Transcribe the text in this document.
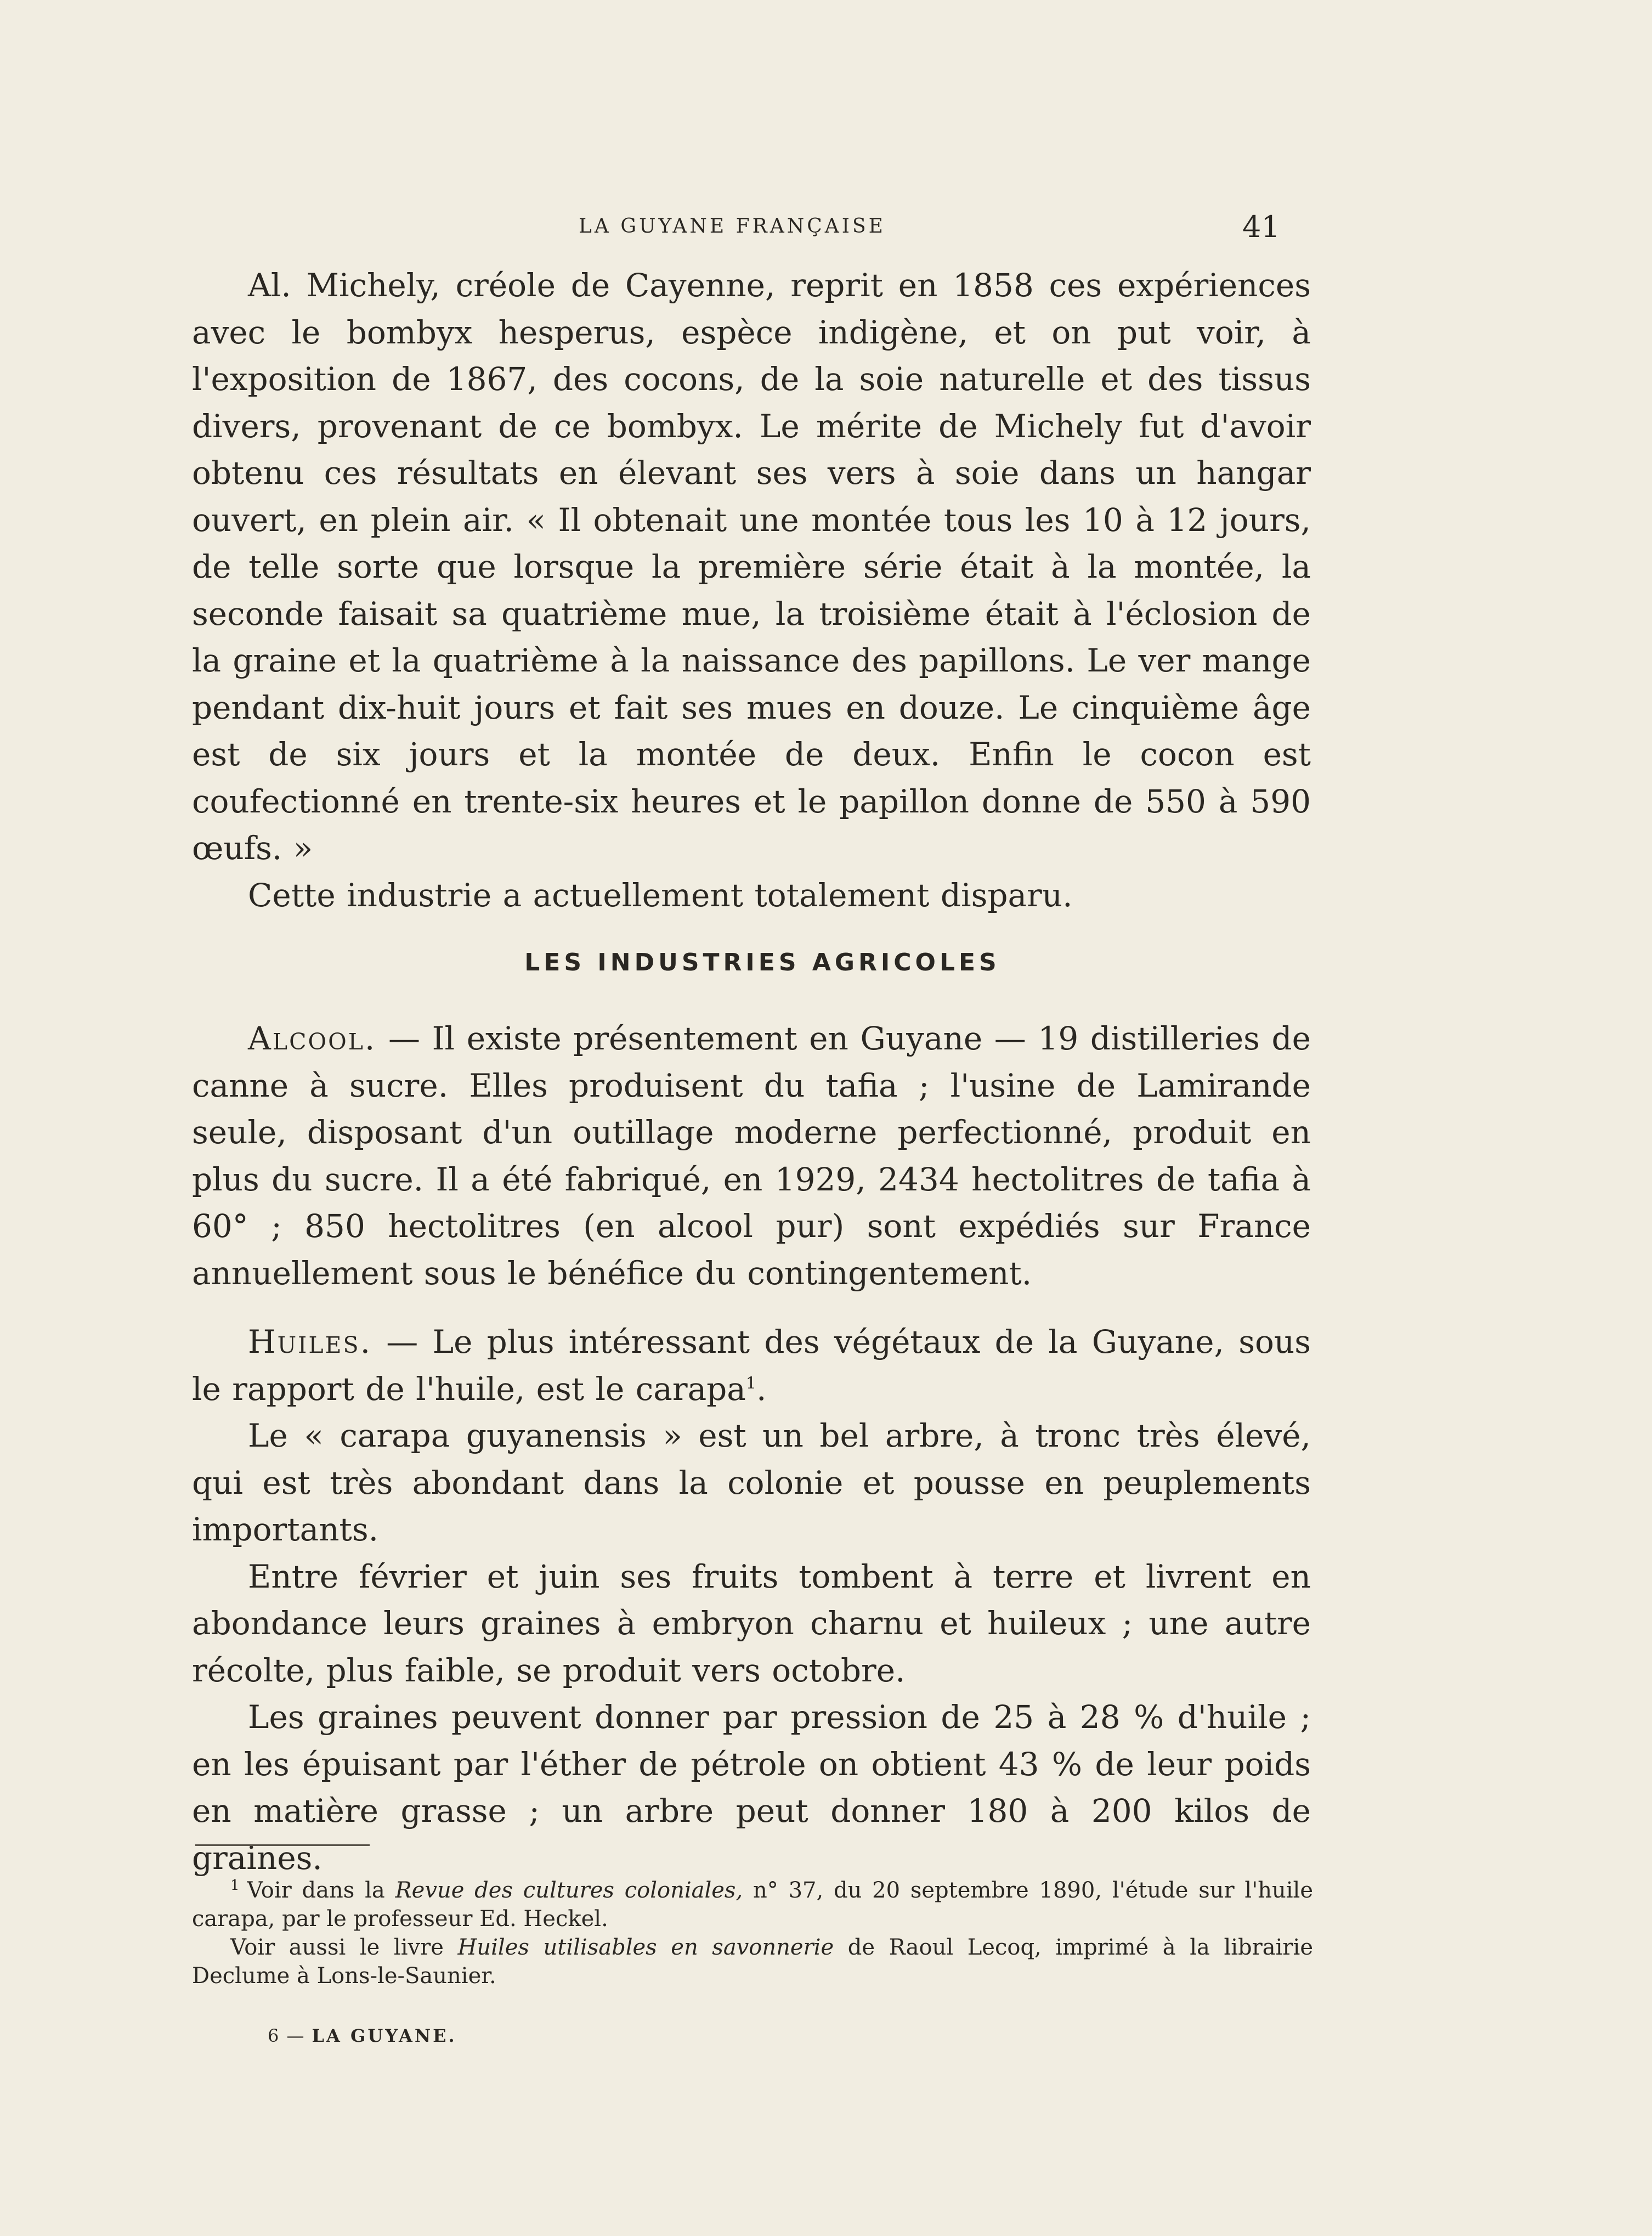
LA GUYANE FRANÇAISE	41

Al. Michely, créole de Cayenne, reprit en 1858 ces expériences avec le bombyx hesperus, espèce indigène, et on put voir, à l'exposition de 1867, des cocons, de la soie naturelle et des tissus divers, provenant de ce bombyx. Le mérite de Michely fut d'avoir obtenu ces résultats en élevant ses vers à soie dans un hangar ouvert, en plein air. « Il obtenait une montée tous les 10 à 12 jours, de telle sorte que lorsque la première série était à la montée, la seconde faisait sa quatrième mue, la troisième était à l'éclosion de la graine et la quatrième à la naissance des papillons. Le ver mange pendant dix-huit jours et fait ses mues en douze. Le cinquième âge est de six jours et la montée de deux. Enfin le cocon est coufectionné en trente-six heures et le papillon donne de 550 à 590 œufs. »

Cette industrie a actuellement totalement disparu.

LES INDUSTRIES AGRICOLES

Alcool. — Il existe présentement en Guyane — 19 distilleries de canne à sucre. Elles produisent du tafia ; l'usine de Lamirande seule, disposant d'un outillage moderne perfectionné, produit en plus du sucre. Il a été fabriqué, en 1929, 2434 hectolitres de tafia à 60° ; 850 hectolitres (en alcool pur) sont expédiés sur France annuellement sous le bénéfice du contingentement.

Huiles. — Le plus intéressant des végétaux de la Guyane, sous le rapport de l'huile, est le carapa$^1$.

Le « carapa guyanensis » est un bel arbre, à tronc très élevé, qui est très abondant dans la colonie et pousse en peuplements importants.

Entre février et juin ses fruits tombent à terre et livrent en abondance leurs graines à embryon charnu et huileux ; une autre récolte, plus faible, se produit vers octobre.

Les graines peuvent donner par pression de 25 à 28 % d'huile ; en les épuisant par l'éther de pétrole on obtient 43 % de leur poids en matière grasse ; un arbre peut donner 180 à 200 kilos de graines.

$^1$ Voir dans la Revue des cultures coloniales, n° 37, du 20 septembre 1890, l'étude sur l'huile carapa, par le professeur Ed. Heckel.

Voir aussi le livre Huiles utilisables en savonnerie de Raoul Lecoq, imprimé à la librairie Declume à Lons-le-Saunier.

6 — LA GUYANE.
